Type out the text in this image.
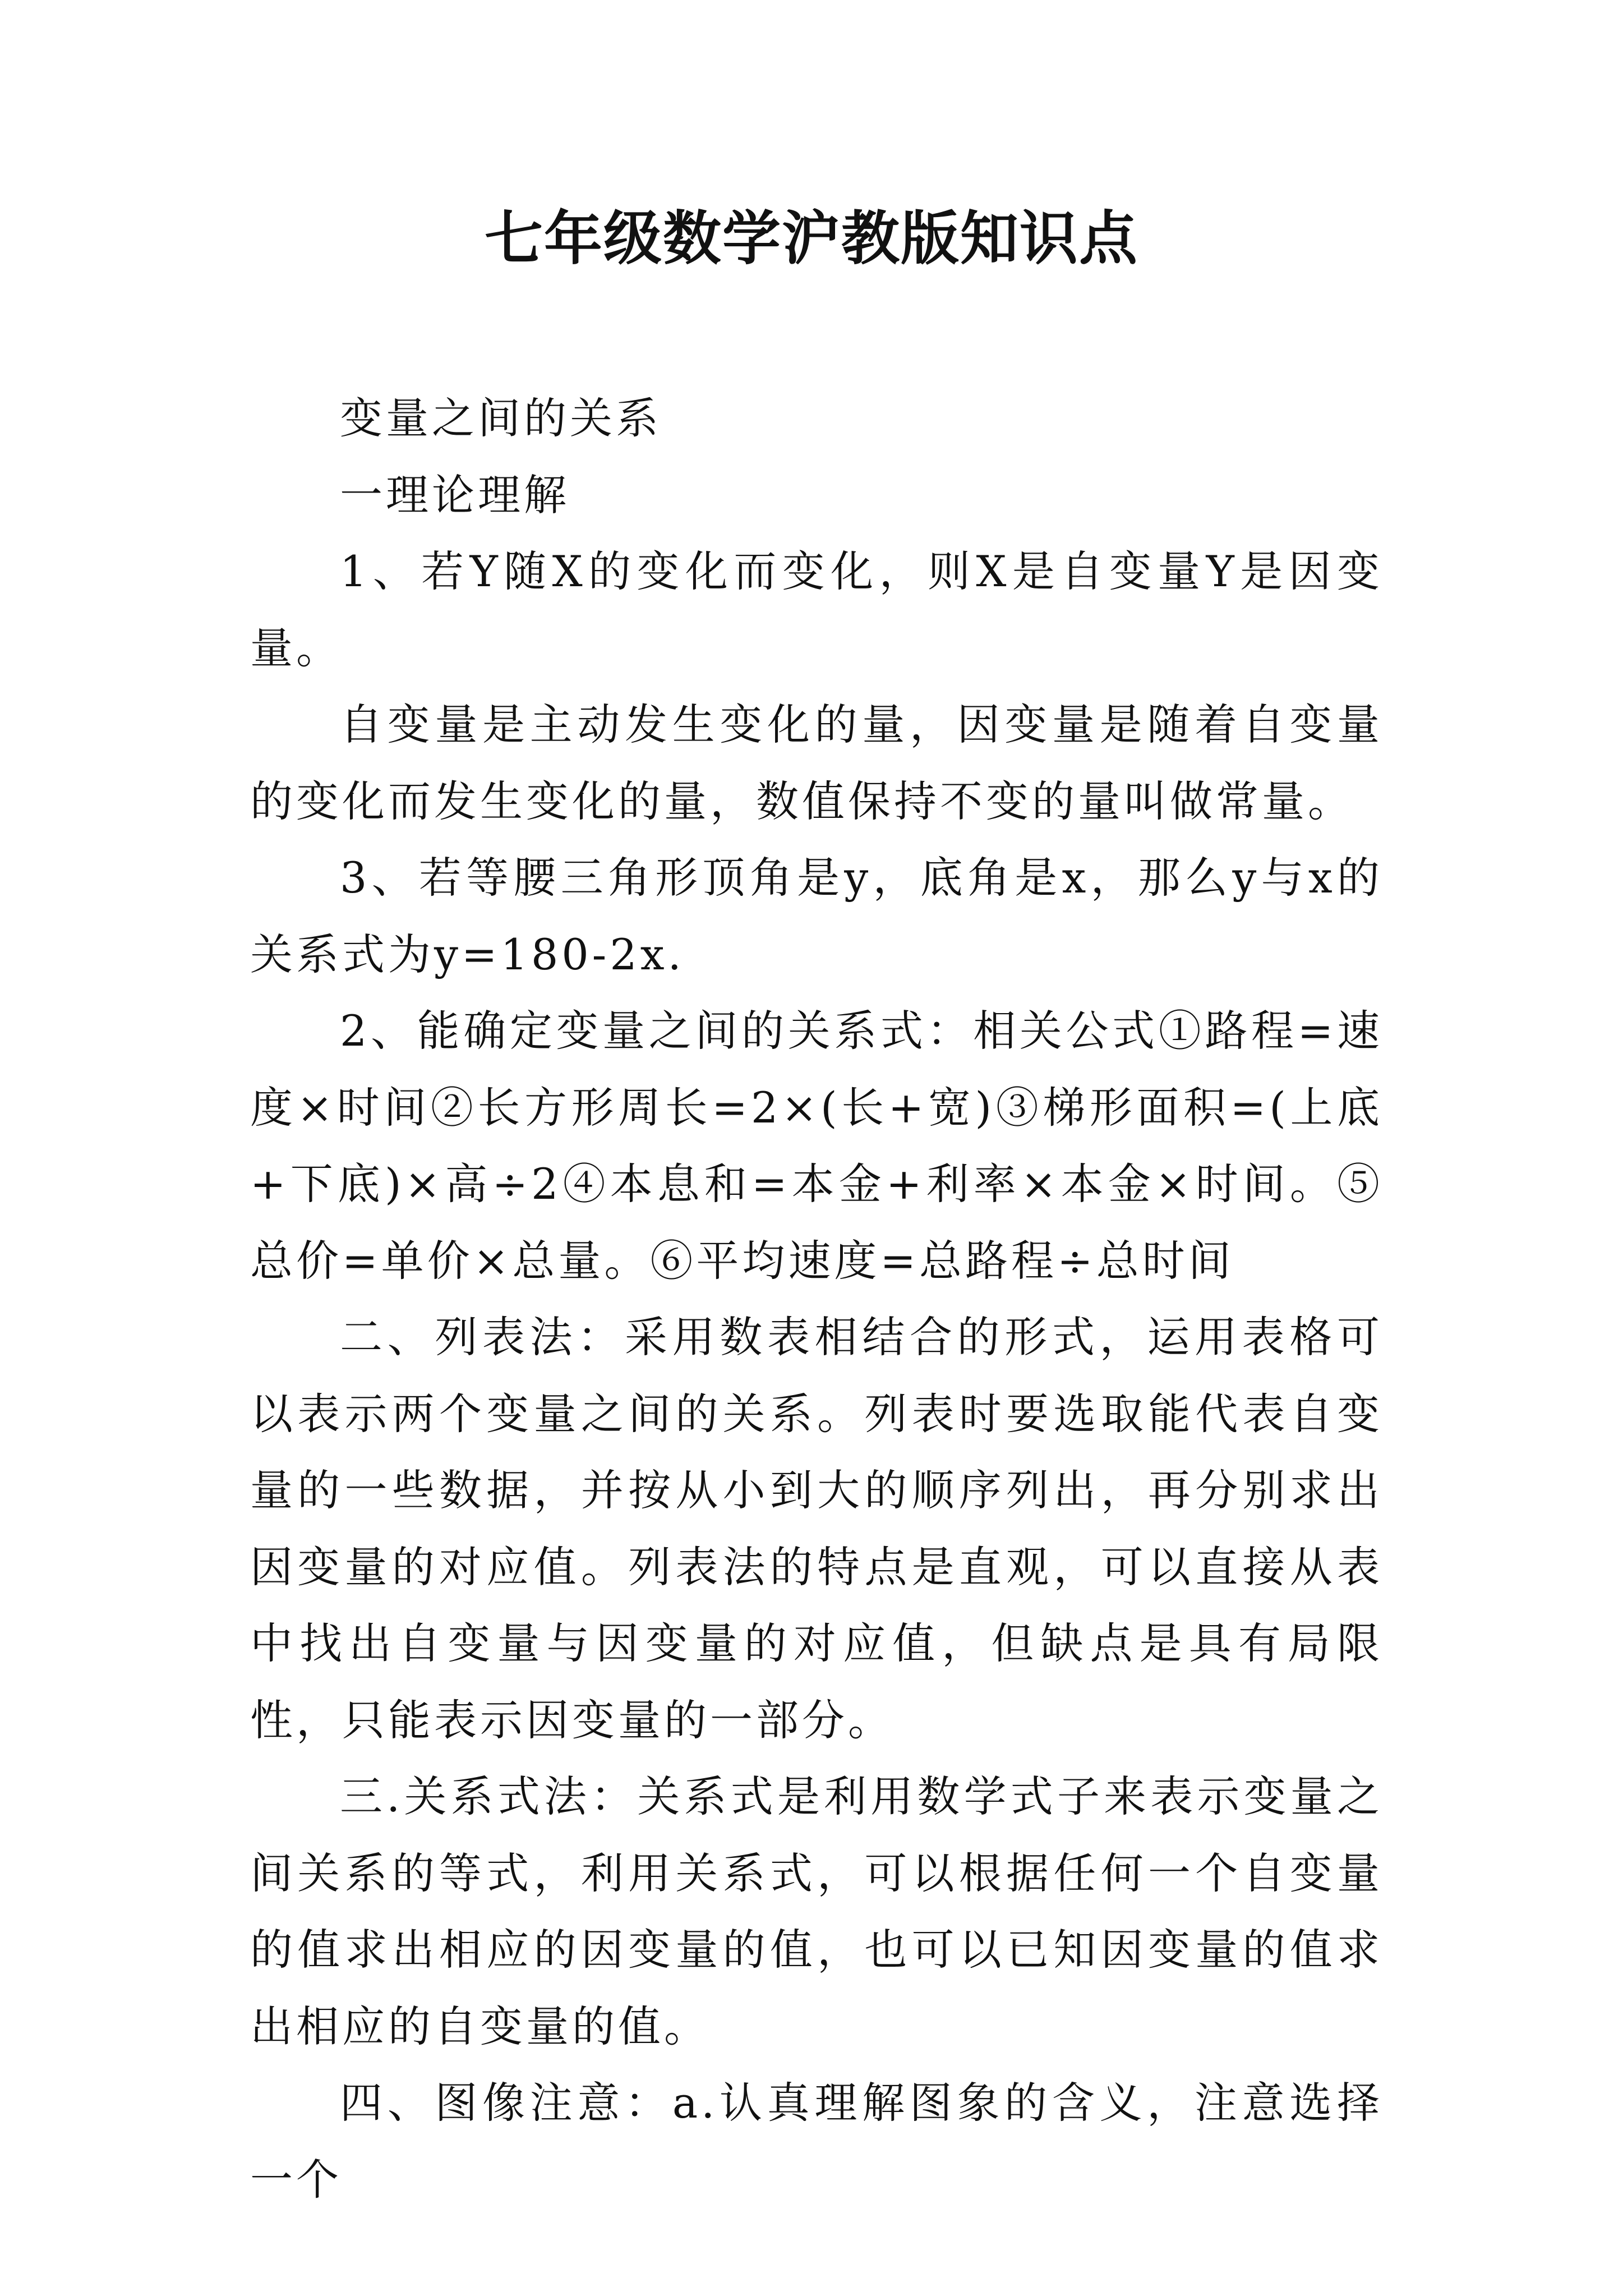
七年级数学沪教版知识点

变量之间的关系

一理论理解

1、若Y随X的变化而变化，则X是自变量Y是因变量。

自变量是主动发生变化的量，因变量是随着自变量的变化而发生变化的量，数值保持不变的量叫做常量。

3、若等腰三角形顶角是y，底角是x，那么y与x的关系式为y=180-2x.

2、能确定变量之间的关系式：相关公式①路程=速度×时间②长方形周长=2×(长+宽)③梯形面积=(上底+下底)×高÷2④本息和=本金+利率×本金×时间。⑤总价=单价×总量。⑥平均速度=总路程÷总时间

二、列表法：采用数表相结合的形式，运用表格可以表示两个变量之间的关系。列表时要选取能代表自变量的一些数据，并按从小到大的顺序列出，再分别求出因变量的对应值。列表法的特点是直观，可以直接从表中找出自变量与因变量的对应值，但缺点是具有局限性，只能表示因变量的一部分。

三.关系式法：关系式是利用数学式子来表示变量之间关系的等式，利用关系式，可以根据任何一个自变量的值求出相应的因变量的值，也可以已知因变量的值求出相应的自变量的值。

四、图像注意：a.认真理解图象的含义，注意选择一个
